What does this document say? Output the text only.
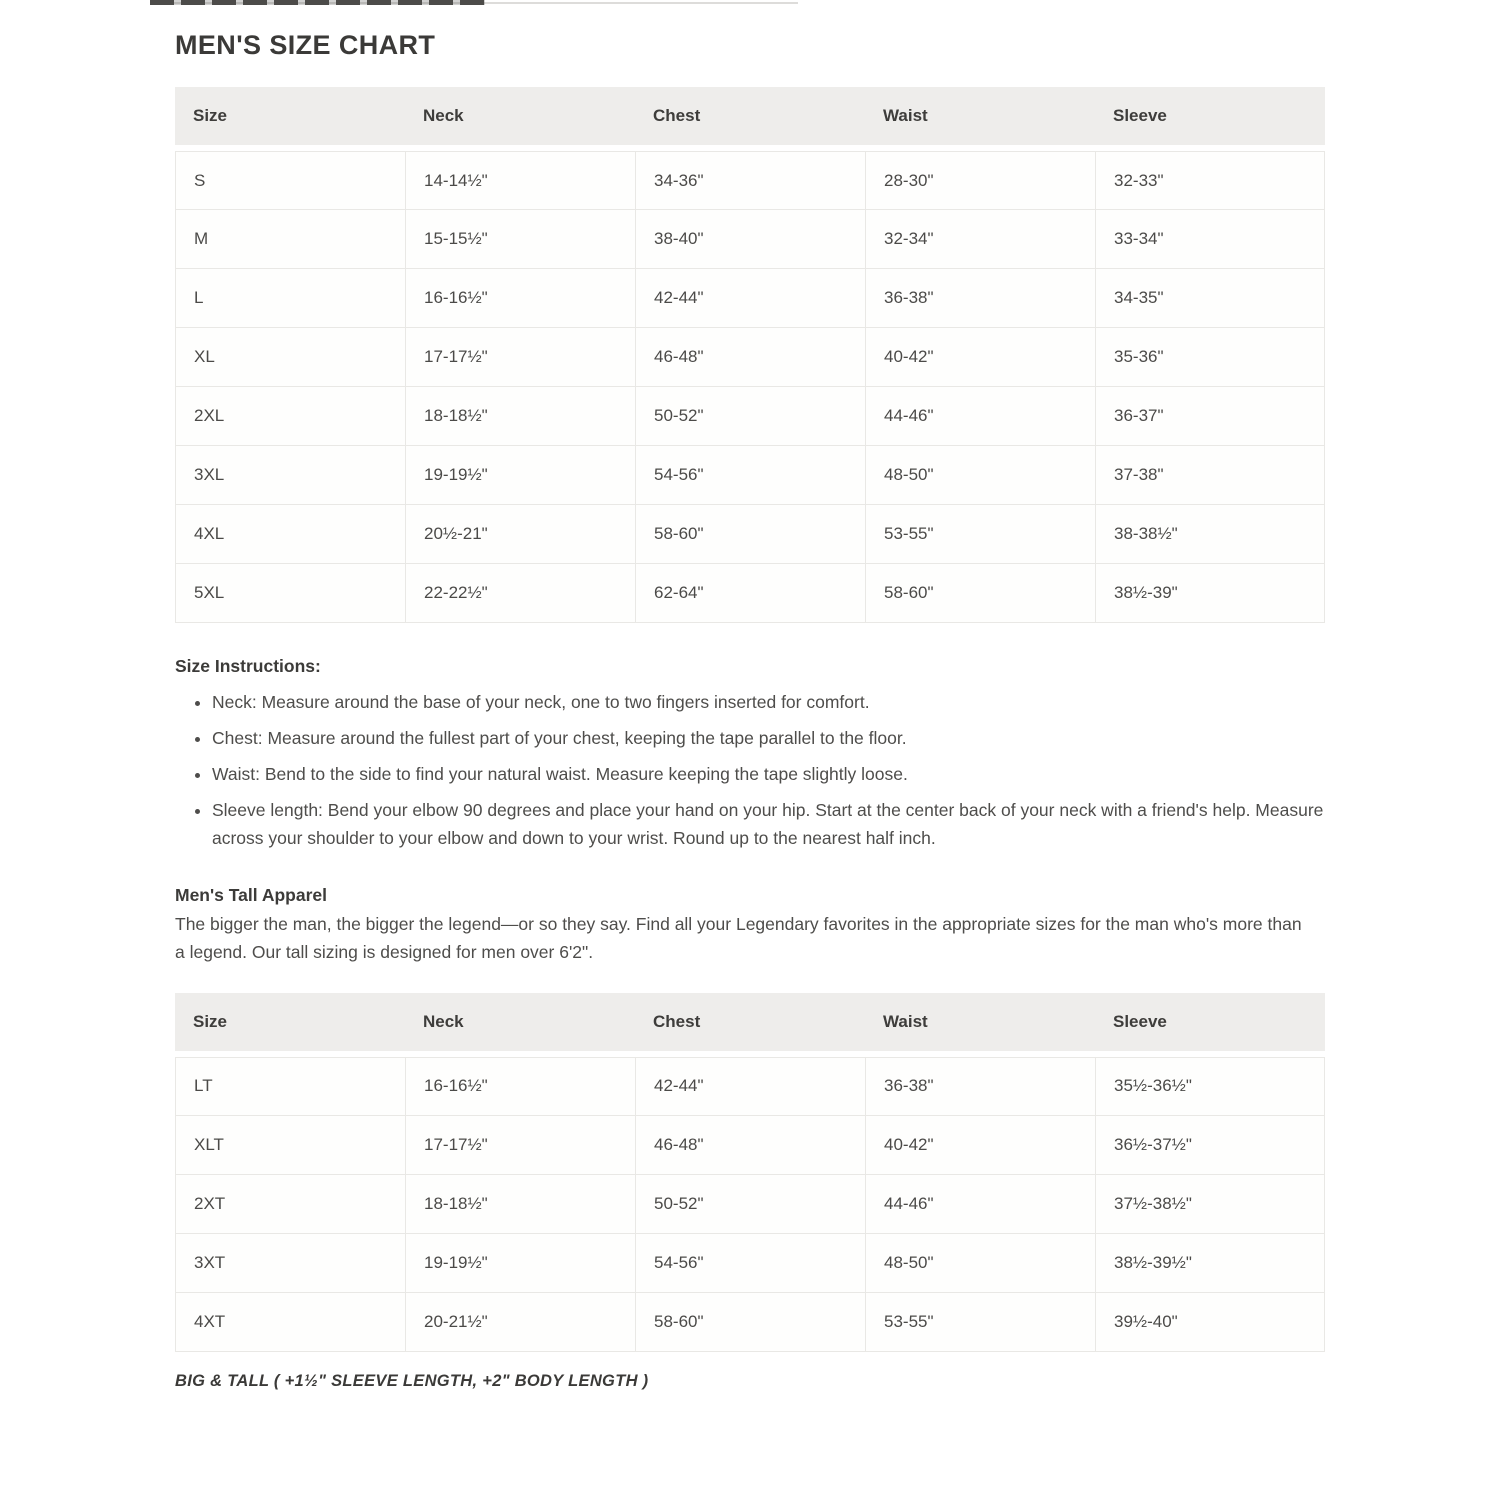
MEN'S SIZE CHART
Size	Neck	Chest	Waist	Sleeve
S	14-14½"	34-36"	28-30"	32-33"
M	15-15½"	38-40"	32-34"	33-34"
L	16-16½"	42-44"	36-38"	34-35"
XL	17-17½"	46-48"	40-42"	35-36"
2XL	18-18½"	50-52"	44-46"	36-37"
3XL	19-19½"	54-56"	48-50"	37-38"
4XL	20½-21"	58-60"	53-55"	38-38½"
5XL	22-22½"	62-64"	58-60"	38½-39"
Size Instructions:
• Neck: Measure around the base of your neck, one to two fingers inserted for comfort.
• Chest: Measure around the fullest part of your chest, keeping the tape parallel to the floor.
• Waist: Bend to the side to find your natural waist. Measure keeping the tape slightly loose.
• Sleeve length: Bend your elbow 90 degrees and place your hand on your hip. Start at the center back of your neck with a friend's help. Measure across your shoulder to your elbow and down to your wrist. Round up to the nearest half inch.
Men's Tall Apparel

The bigger the man, the bigger the legend—or so they say. Find all your Legendary favorites in the appropriate sizes for the man who's more than a legend. Our tall sizing is designed for men over 6'2".

Size	Neck	Chest	Waist	Sleeve
LT	16-16½"	42-44"	36-38"	35½-36½"
XLT	17-17½"	46-48"	40-42"	36½-37½"
2XT	18-18½"	50-52"	44-46"	37½-38½"
3XT	19-19½"	54-56"	48-50"	38½-39½"
4XT	20-21½"	58-60"	53-55"	39½-40"

BIG & TALL ( +1½" SLEEVE LENGTH, +2" BODY LENGTH )
